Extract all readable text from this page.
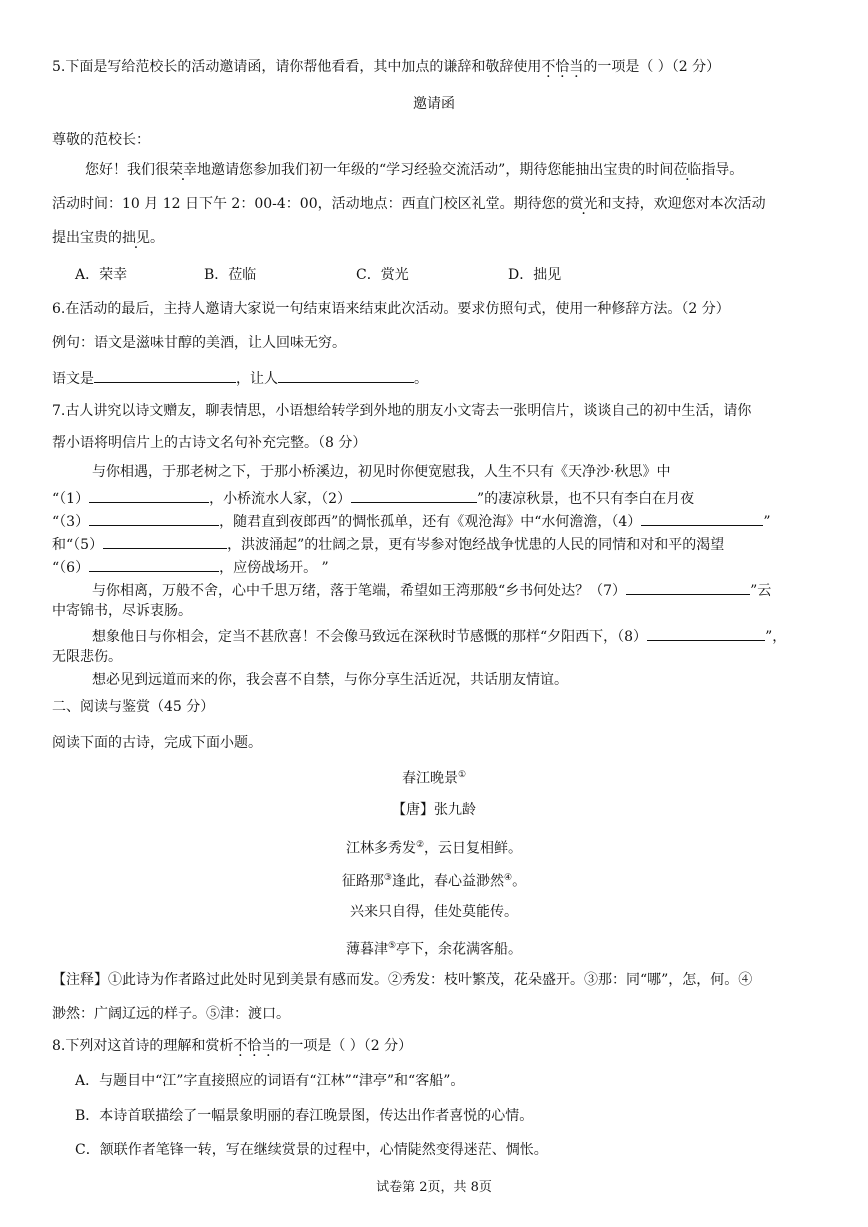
5.下面是写给范校长的活动邀请函，请你帮他看看，其中加点的谦辞和敬辞使用不恰当的一项是（ ）（2 分）
邀请函
尊敬的范校长：
您好！我们很荣幸地邀请您参加我们初一年级的“学习经验交流活动”，期待您能抽出宝贵的时间莅临指导。
活动时间：10 月 12 日下午 2：00-4：00，活动地点：西直门校区礼堂。期待您的赏光和支持，欢迎您对本次活动
提出宝贵的拙见。
A．荣幸	B．莅临	C．赏光	D．拙见
6.在活动的最后，主持人邀请大家说一句结束语来结束此次活动。要求仿照句式，使用一种修辞方法。（2 分）
例句：语文是滋味甘醇的美酒，让人回味无穷。
语文是	，让人	。
7.古人讲究以诗文赠友，聊表情思，小语想给转学到外地的朋友小文寄去一张明信片，谈谈自己的初中生活，请你
帮小语将明信片上的古诗文名句补充完整。（8 分）
与你相遇，于那老树之下，于那小桥溪边，初见时你便宽慰我，人生不只有《天净沙·秋思》中
“（1）	，小桥流水人家，（2）	”的凄凉秋景，也不只有李白在月夜
“（3）	，随君直到夜郎西”的惆怅孤单，还有《观沧海》中“水何澹澹，（4）	”
和“（5）	，洪波涌起”的壮阔之景，更有岑参对饱经战争忧患的人民的同情和对和平的渴望
“（6）	，应傍战场开。 ”
与你相离，万般不舍，心中千思万绪，落于笔端，希望如王湾那般“乡书何处达？（7）	”云
中寄锦书，尽诉衷肠。
想象他日与你相会，定当不甚欣喜！不会像马致远在深秋时节感慨的那样“夕阳西下，（8）	”，
无限悲伤。
想必见到远道而来的你，我会喜不自禁，与你分享生活近况，共话朋友情谊。
二、阅读与鉴赏（45 分）
阅读下面的古诗，完成下面小题。
春江晚景①
【唐】张九龄
江林多秀发②，云日复相鲜。
征路那③逢此，春心益渺然④。
兴来只自得，佳处莫能传。
薄暮津⑤亭下，余花满客船。
【注释】①此诗为作者路过此处时见到美景有感而发。②秀发：枝叶繁茂，花朵盛开。③那：同“哪”，怎，何。④
渺然：广阔辽远的样子。⑤津：渡口。
8.下列对这首诗的理解和赏析不恰当的一项是（ ）（2 分）
A．与题目中“江”字直接照应的词语有“江林”“津亭”和“客船”。
B．本诗首联描绘了一幅景象明丽的春江晚景图，传达出作者喜悦的心情。
C．颔联作者笔锋一转，写在继续赏景的过程中，心情陡然变得迷茫、惆怅。
试卷第 2页，共 8页
